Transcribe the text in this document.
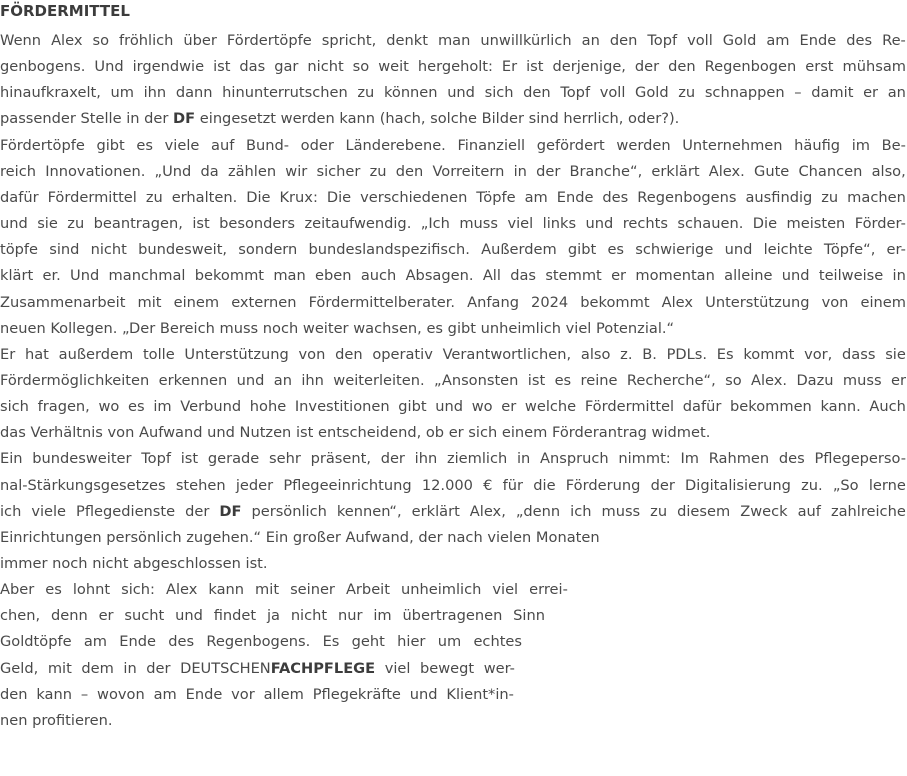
FÖRDERMITTEL
Wenn Alex so fröhlich über Fördertöpfe spricht, denkt man unwillkürlich an den Topf voll Gold am Ende des Re-
genbogens. Und irgendwie ist das gar nicht so weit hergeholt: Er ist derjenige, der den Regenbogen erst mühsam
hinaufkraxelt, um ihn dann hinunterrutschen zu können und sich den Topf voll Gold zu schnappen – damit er an
passender Stelle in der DF eingesetzt werden kann (hach, solche Bilder sind herrlich, oder?).
Fördertöpfe gibt es viele auf Bund- oder Länderebene. Finanziell gefördert werden Unternehmen häufig im Be-
reich Innovationen. „Und da zählen wir sicher zu den Vorreitern in der Branche“, erklärt Alex. Gute Chancen also,
dafür Fördermittel zu erhalten. Die Krux: Die verschiedenen Töpfe am Ende des Regenbogens ausfindig zu machen
und sie zu beantragen, ist besonders zeitaufwendig. „Ich muss viel links und rechts schauen. Die meisten Förder-
töpfe sind nicht bundesweit, sondern bundeslandspezifisch. Außerdem gibt es schwierige und leichte Töpfe“, er-
klärt er. Und manchmal bekommt man eben auch Absagen. All das stemmt er momentan alleine und teilweise in
Zusammenarbeit mit einem externen Fördermittelberater. Anfang 2024 bekommt Alex Unterstützung von einem
neuen Kollegen. „Der Bereich muss noch weiter wachsen, es gibt unheimlich viel Potenzial.“
Er hat außerdem tolle Unterstützung von den operativ Verantwortlichen, also z. B. PDLs. Es kommt vor, dass sie
Fördermöglichkeiten erkennen und an ihn weiterleiten. „Ansonsten ist es reine Recherche“, so Alex. Dazu muss er
sich fragen, wo es im Verbund hohe Investitionen gibt und wo er welche Fördermittel dafür bekommen kann. Auch
das Verhältnis von Aufwand und Nutzen ist entscheidend, ob er sich einem Förderantrag widmet.
Ein bundesweiter Topf ist gerade sehr präsent, der ihn ziemlich in Anspruch nimmt: Im Rahmen des Pflegeperso-
nal-Stärkungsgesetzes stehen jeder Pflegeeinrichtung 12.000 € für die Förderung der Digitalisierung zu. „So lerne
ich viele Pflegedienste der DF persönlich kennen“, erklärt Alex, „denn ich muss zu diesem Zweck auf zahlreiche
Einrichtungen persönlich zugehen.“ Ein großer Aufwand, der nach vielen Monaten
immer noch nicht abgeschlossen ist.
Aber es lohnt sich: Alex kann mit seiner Arbeit unheimlich viel errei-
chen, denn er sucht und findet ja nicht nur im übertragenen Sinn
Goldtöpfe am Ende des Regenbogens. Es geht hier um echtes
Geld, mit dem in der DEUTSCHENFACHPFLEGE viel bewegt wer-
den kann – wovon am Ende vor allem Pflegekräfte und Klient*in-
nen profitieren.
